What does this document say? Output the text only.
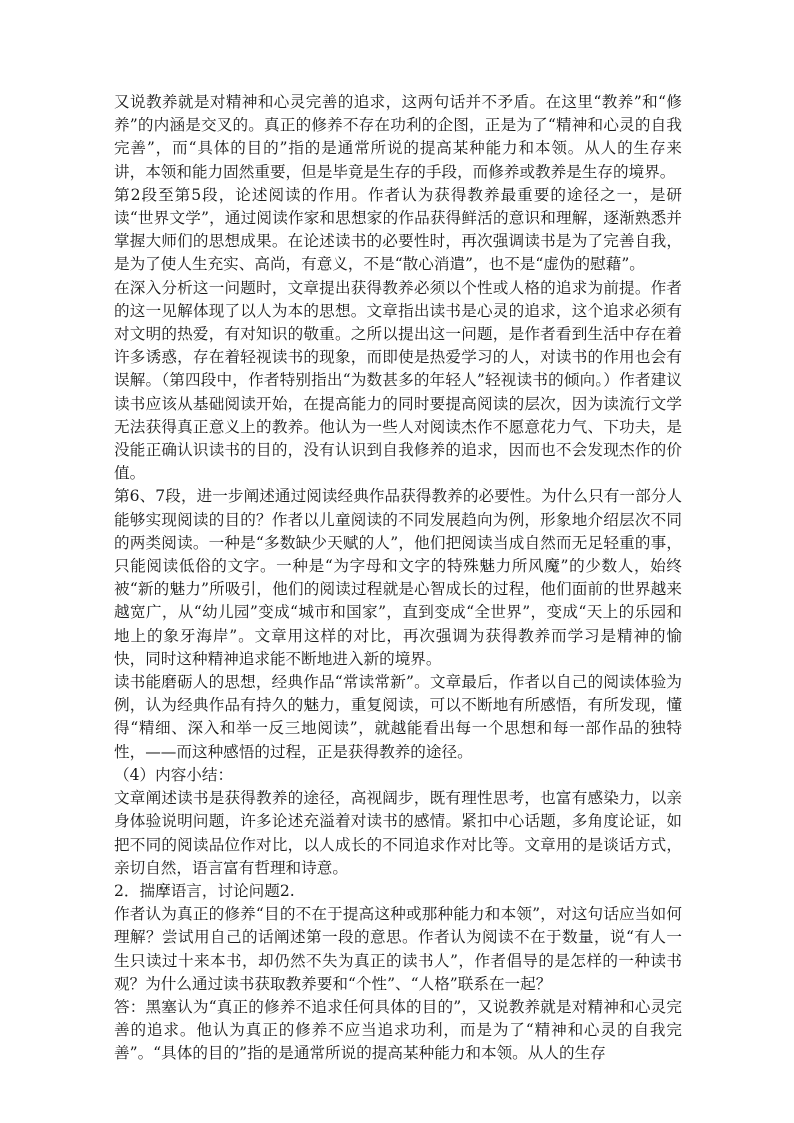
又说教养就是对精神和心灵完善的追求，这两句话并不矛盾。在这里“教养”和“修养”的内涵是交叉的。真正的修养不存在功利的企图，正是为了“精神和心灵的自我完善”，而“具体的目的”指的是通常所说的提高某种能力和本领。从人的生存来讲，本领和能力固然重要，但是毕竟是生存的手段，而修养或教养是生存的境界。

第2段至第5段，论述阅读的作用。作者认为获得教养最重要的途径之一，是研读“世界文学”，通过阅读作家和思想家的作品获得鲜活的意识和理解，逐渐熟悉并掌握大师们的思想成果。在论述读书的必要性时，再次强调读书是为了完善自我，是为了使人生充实、高尚，有意义，不是“散心消遣”，也不是“虚伪的慰藉”。

在深入分析这一问题时，文章提出获得教养必须以个性或人格的追求为前提。作者的这一见解体现了以人为本的思想。文章指出读书是心灵的追求，这个追求必须有对文明的热爱，有对知识的敬重。之所以提出这一问题，是作者看到生活中存在着许多诱惑，存在着轻视读书的现象，而即使是热爱学习的人，对读书的作用也会有误解。（第四段中，作者特别指出“为数甚多的年轻人”轻视读书的倾向。）作者建议读书应该从基础阅读开始，在提高能力的同时要提高阅读的层次，因为读流行文学无法获得真正意义上的教养。他认为一些人对阅读杰作不愿意花力气、下功夫，是没能正确认识读书的目的，没有认识到自我修养的追求，因而也不会发现杰作的价值。

第6、7段，进一步阐述通过阅读经典作品获得教养的必要性。为什么只有一部分人能够实现阅读的目的？作者以儿童阅读的不同发展趋向为例，形象地介绍层次不同的两类阅读。一种是“多数缺少天赋的人”，他们把阅读当成自然而无足轻重的事，只能阅读低俗的文字。一种是“为字母和文字的特殊魅力所风魔”的少数人，始终被“新的魅力”所吸引，他们的阅读过程就是心智成长的过程，他们面前的世界越来越宽广，从“幼儿园”变成“城市和国家”，直到变成“全世界”，变成“天上的乐园和地上的象牙海岸”。文章用这样的对比，再次强调为获得教养而学习是精神的愉快，同时这种精神追求能不断地进入新的境界。

读书能磨砺人的思想，经典作品“常读常新”。文章最后，作者以自己的阅读体验为例，认为经典作品有持久的魅力，重复阅读，可以不断地有所感悟，有所发现，懂得“精细、深入和举一反三地阅读”，就越能看出每一个思想和每一部作品的独特性，——而这种感悟的过程，正是获得教养的途径。

（4）内容小结：

文章阐述读书是获得教养的途径，高视阔步，既有理性思考，也富有感染力，以亲身体验说明问题，许多论述充溢着对读书的感情。紧扣中心话题，多角度论证，如把不同的阅读品位作对比，以人成长的不同追求作对比等。文章用的是谈话方式，亲切自然，语言富有哲理和诗意。

2．揣摩语言，讨论问题2.

作者认为真正的修养“目的不在于提高这种或那种能力和本领”，对这句话应当如何理解？尝试用自己的话阐述第一段的意思。作者认为阅读不在于数量，说“有人一生只读过十来本书，却仍然不失为真正的读书人”，作者倡导的是怎样的一种读书观？为什么通过读书获取教养要和“个性”、“人格”联系在一起？

答：黑塞认为“真正的修养不追求任何具体的目的”，又说教养就是对精神和心灵完善的追求。他认为真正的修养不应当追求功利，而是为了“精神和心灵的自我完善”。“具体的目的”指的是通常所说的提高某种能力和本领。从人的生存
